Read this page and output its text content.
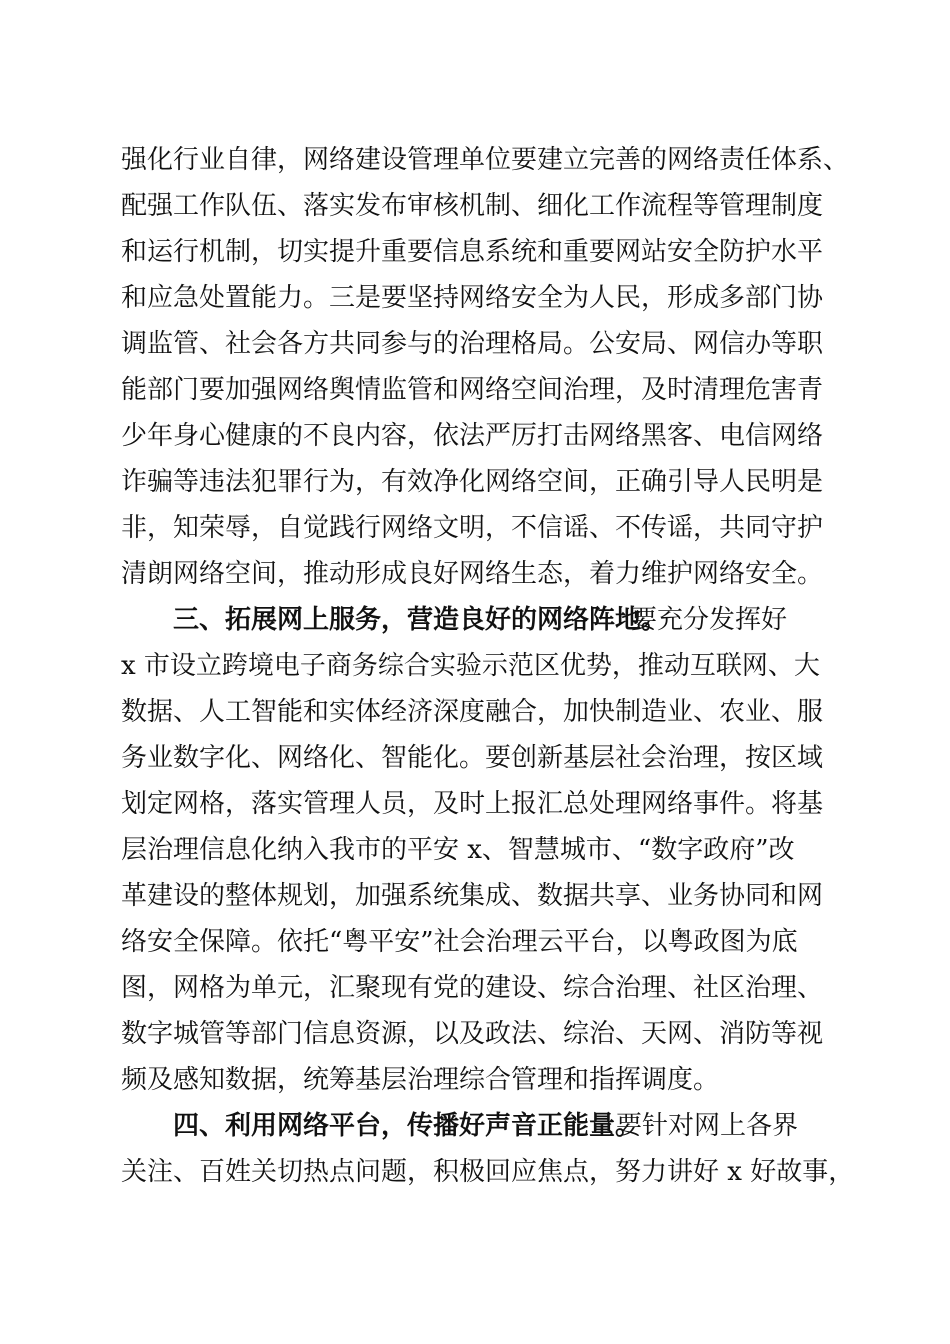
强化行业自律，网络建设管理单位要建立完善的网络责任体系、
配强工作队伍、落实发布审核机制、细化工作流程等管理制度
和运行机制，切实提升重要信息系统和重要网站安全防护水平
和应急处置能力。三是要坚持网络安全为人民，形成多部门协
调监管、社会各方共同参与的治理格局。公安局、网信办等职
能部门要加强网络舆情监管和网络空间治理，及时清理危害青
少年身心健康的不良内容，依法严厉打击网络黑客、电信网络
诈骗等违法犯罪行为，有效净化网络空间，正确引导人民明是
非，知荣辱，自觉践行网络文明，不信谣、不传谣，共同守护
清朗网络空间，推动形成良好网络生态，着力维护网络安全。
三、拓展网上服务，营造良好的网络阵地。
要充分发挥好
x 市设立跨境电子商务综合实验示范区优势，推动互联网、大
数据、人工智能和实体经济深度融合，加快制造业、农业、服
务业数字化、网络化、智能化。要创新基层社会治理，按区域
划定网格，落实管理人员，及时上报汇总处理网络事件。将基
层治理信息化纳入我市的平安 x、智慧城市、“数字政府”改
革建设的整体规划，加强系统集成、数据共享、业务协同和网
络安全保障。依托“粤平安”社会治理云平台，以粤政图为底
图，网格为单元，汇聚现有党的建设、综合治理、社区治理、
数字城管等部门信息资源，以及政法、综治、天网、消防等视
频及感知数据，统筹基层治理综合管理和指挥调度。
四、利用网络平台，传播好声音正能量。
要针对网上各界
关注、百姓关切热点问题，积极回应焦点，努力讲好 x 好故事，
